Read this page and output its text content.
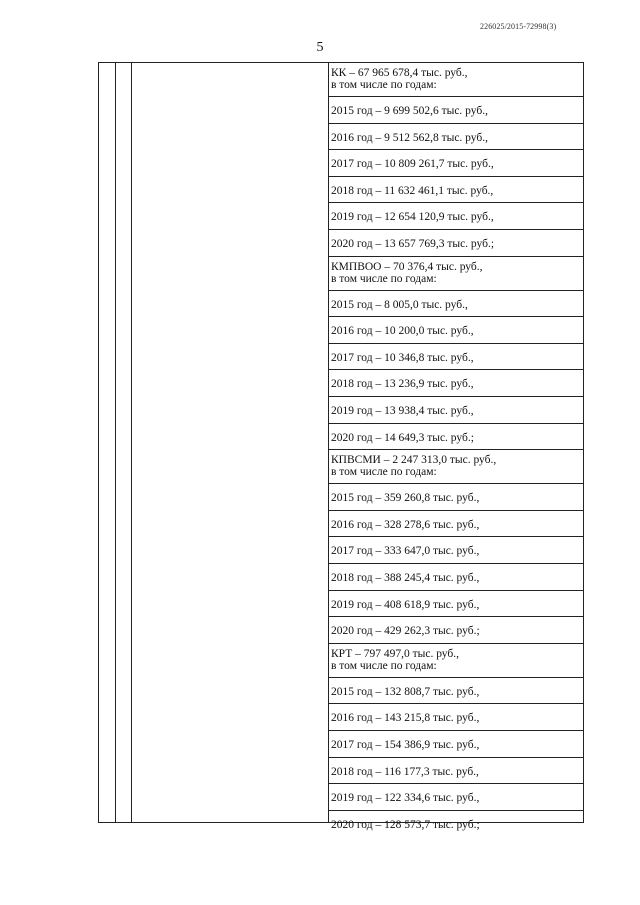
226025/2015-72998(3)
5
КК – 67 965 678,4 тыс. руб.,
в том числе по годам:
2015 год – 9 699 502,6 тыс. руб.,
2016 год – 9 512 562,8 тыс. руб.,
2017 год – 10 809 261,7 тыс. руб.,
2018 год – 11 632 461,1 тыс. руб.,
2019 год – 12 654 120,9 тыс. руб.,
2020 год – 13 657 769,3 тыс. руб.;
КМПВОО – 70 376,4 тыс. руб.,
в том числе по годам:
2015 год – 8 005,0 тыс. руб.,
2016 год – 10 200,0 тыс. руб.,
2017 год – 10 346,8 тыс. руб.,
2018 год – 13 236,9 тыс. руб.,
2019 год – 13 938,4 тыс. руб.,
2020 год – 14 649,3 тыс. руб.;
КПВСМИ – 2 247 313,0 тыс. руб.,
в том числе по годам:
2015 год – 359 260,8 тыс. руб.,
2016 год – 328 278,6 тыс. руб.,
2017 год – 333 647,0 тыс. руб.,
2018 год – 388 245,4 тыс. руб.,
2019 год – 408 618,9 тыс. руб.,
2020 год – 429 262,3 тыс. руб.;
КРТ – 797 497,0 тыс. руб.,
в том числе по годам:
2015 год – 132 808,7 тыс. руб.,
2016 год – 143 215,8 тыс. руб.,
2017 год – 154 386,9 тыс. руб.,
2018 год – 116 177,3 тыс. руб.,
2019 год – 122 334,6 тыс. руб.,
2020 год – 128 573,7 тыс. руб.;
